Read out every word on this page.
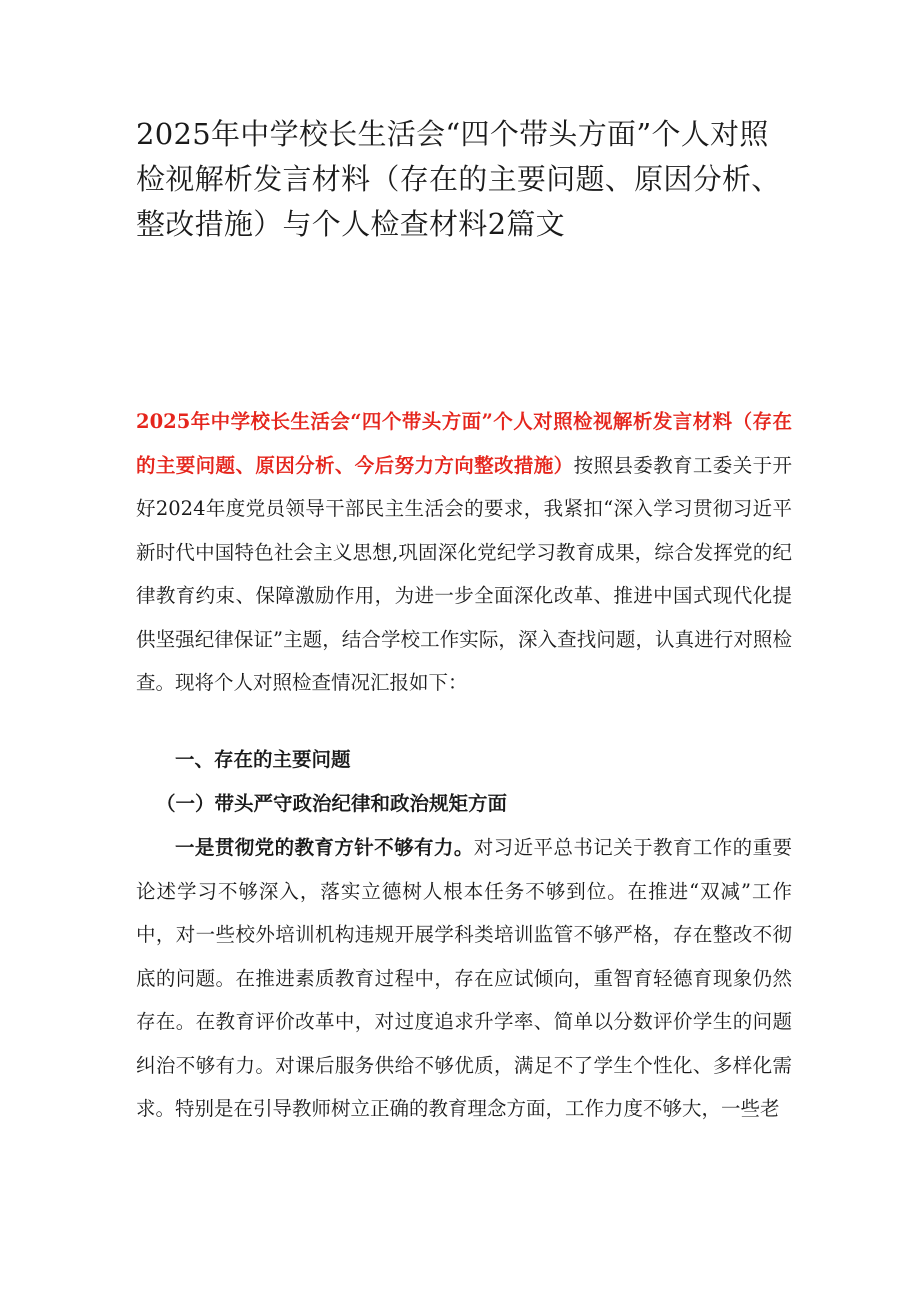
2025年中学校长生活会“四个带头方面”个人对照检视解析发言材料（存在的主要问题、原因分析、整改措施）与个人检查材料2篇文

2025年中学校长生活会“四个带头方面”个人对照检视解析发言材料（存在的主要问题、原因分析、今后努力方向整改措施）按照县委教育工委关于开好2024年度党员领导干部民主生活会的要求，我紧扣“深入学习贯彻习近平新时代中国特色社会主义思想,巩固深化党纪学习教育成果，综合发挥党的纪律教育约束、保障激励作用，为进一步全面深化改革、推进中国式现代化提供坚强纪律保证”主题，结合学校工作实际，深入查找问题，认真进行对照检查。现将个人对照检查情况汇报如下：

一、存在的主要问题

（一）带头严守政治纪律和政治规矩方面

一是贯彻党的教育方针不够有力。对习近平总书记关于教育工作的重要论述学习不够深入，落实立德树人根本任务不够到位。在推进“双减”工作中，对一些校外培训机构违规开展学科类培训监管不够严格，存在整改不彻底的问题。在推进素质教育过程中，存在应试倾向，重智育轻德育现象仍然存在。在教育评价改革中，对过度追求升学率、简单以分数评价学生的问题纠治不够有力。对课后服务供给不够优质，满足不了学生个性化、多样化需求。特别是在引导教师树立正确的教育理念方面，工作力度不够大，一些老
